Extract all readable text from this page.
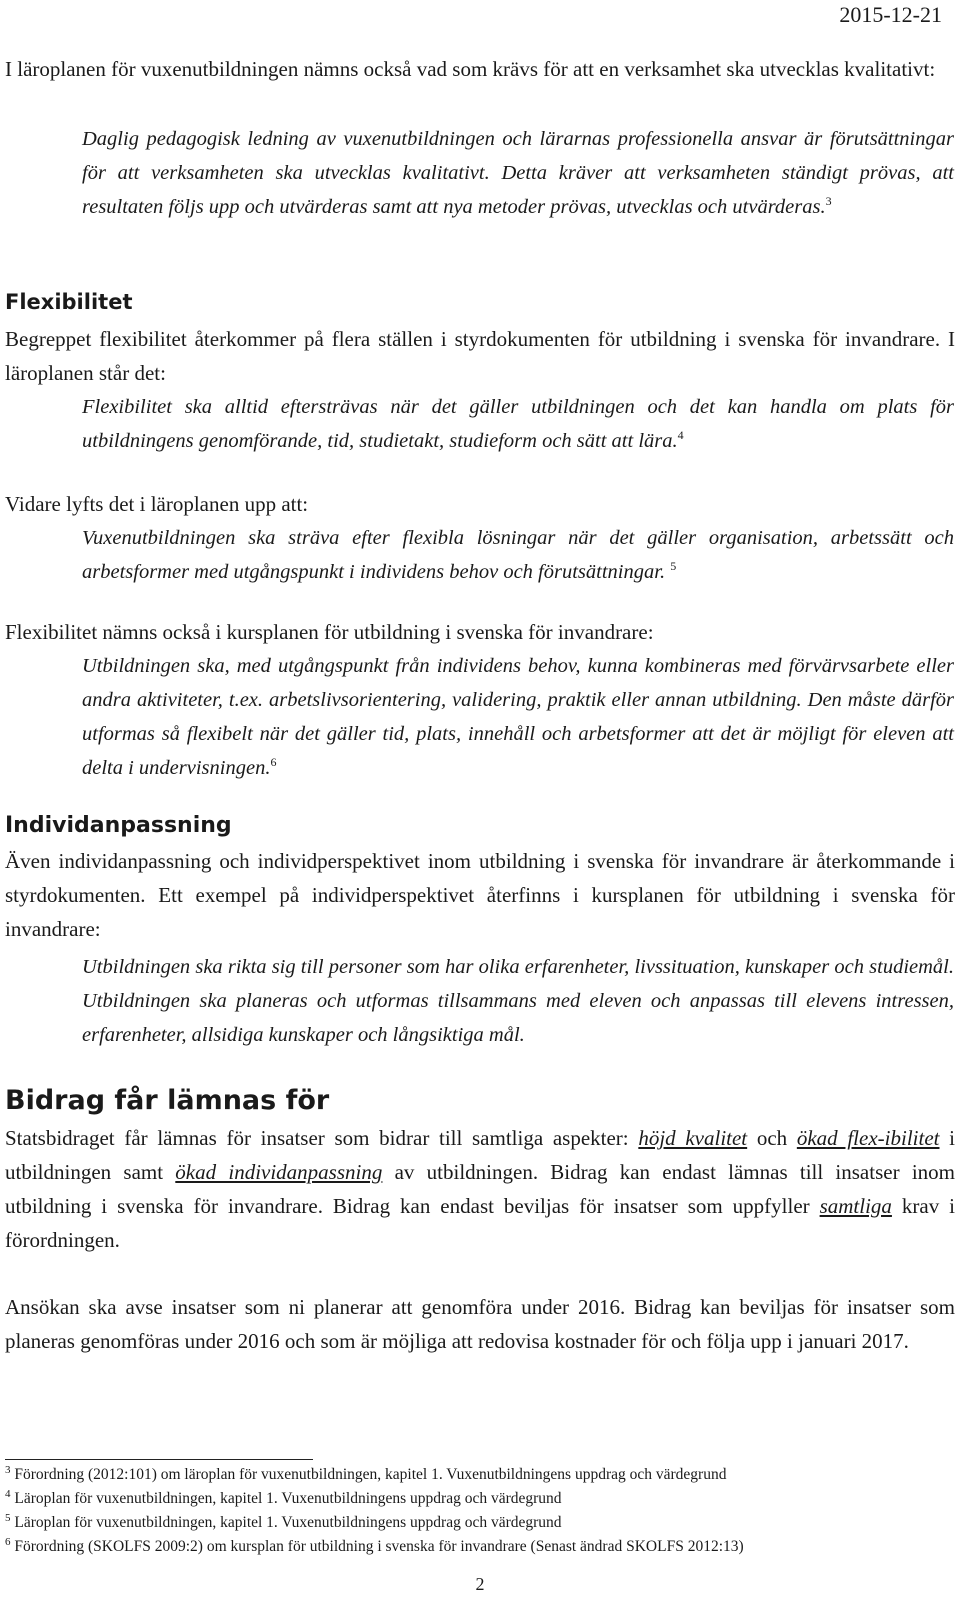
2015-12-21

I läroplanen för vuxenutbildningen nämns också vad som krävs för att en verksamhet ska utvecklas kvalitativt:

Daglig pedagogisk ledning av vuxenutbildningen och lärarnas professionella ansvar är förutsättningar för att verksamheten ska utvecklas kvalitativt. Detta kräver att verksamheten ständigt prövas, att resultaten följs upp och utvärderas samt att nya metoder prövas, utvecklas och utvärderas.$^3$

Flexibilitet

Begreppet flexibilitet återkommer på flera ställen i styrdokumenten för utbildning i svenska för invandrare. I läroplanen står det:

Flexibilitet ska alltid eftersträvas när det gäller utbildningen och det kan handla om plats för utbildningens genomförande, tid, studietakt, studieform och sätt att lära.$^4$

Vidare lyfts det i läroplanen upp att:

Vuxenutbildningen ska sträva efter flexibla lösningar när det gäller organisation, arbetssätt och arbetsformer med utgångspunkt i individens behov och förutsättningar. $^5$

Flexibilitet nämns också i kursplanen för utbildning i svenska för invandrare:

Utbildningen ska, med utgångspunkt från individens behov, kunna kombineras med förvärvsarbete eller andra aktiviteter, t.ex. arbetslivsorientering, validering, praktik eller annan utbildning. Den måste därför utformas så flexibelt när det gäller tid, plats, innehåll och arbetsformer att det är möjligt för eleven att delta i undervisningen.$^6$

Individanpassning

Även individanpassning och individperspektivet inom utbildning i svenska för invandrare är återkommande i styrdokumenten. Ett exempel på individperspektivet återfinns i kursplanen för utbildning i svenska för invandrare:

Utbildningen ska rikta sig till personer som har olika erfarenheter, livssituation, kunskaper och studiemål. Utbildningen ska planeras och utformas tillsammans med eleven och anpassas till elevens intressen, erfarenheter, allsidiga kunskaper och långsiktiga mål.

Bidrag får lämnas för

Statsbidraget får lämnas för insatser som bidrar till samtliga aspekter: höjd kvalitet och ökad flex-ibilitet i utbildningen samt ökad individanpassning av utbildningen. Bidrag kan endast lämnas till insatser inom utbildning i svenska för invandrare. Bidrag kan endast beviljas för insatser som uppfyller samtliga krav i förordningen.

Ansökan ska avse insatser som ni planerar att genomföra under 2016. Bidrag kan beviljas för insatser som planeras genomföras under 2016 och som är möjliga att redovisa kostnader för och följa upp i januari 2017.

$^3$ Förordning (2012:101) om läroplan för vuxenutbildningen, kapitel 1. Vuxenutbildningens uppdrag och värdegrund
$^4$ Läroplan för vuxenutbildningen, kapitel 1. Vuxenutbildningens uppdrag och värdegrund
$^5$ Läroplan för vuxenutbildningen, kapitel 1. Vuxenutbildningens uppdrag och värdegrund
$^6$ Förordning (SKOLFS 2009:2) om kursplan för utbildning i svenska för invandrare (Senast ändrad SKOLFS 2012:13)
2
